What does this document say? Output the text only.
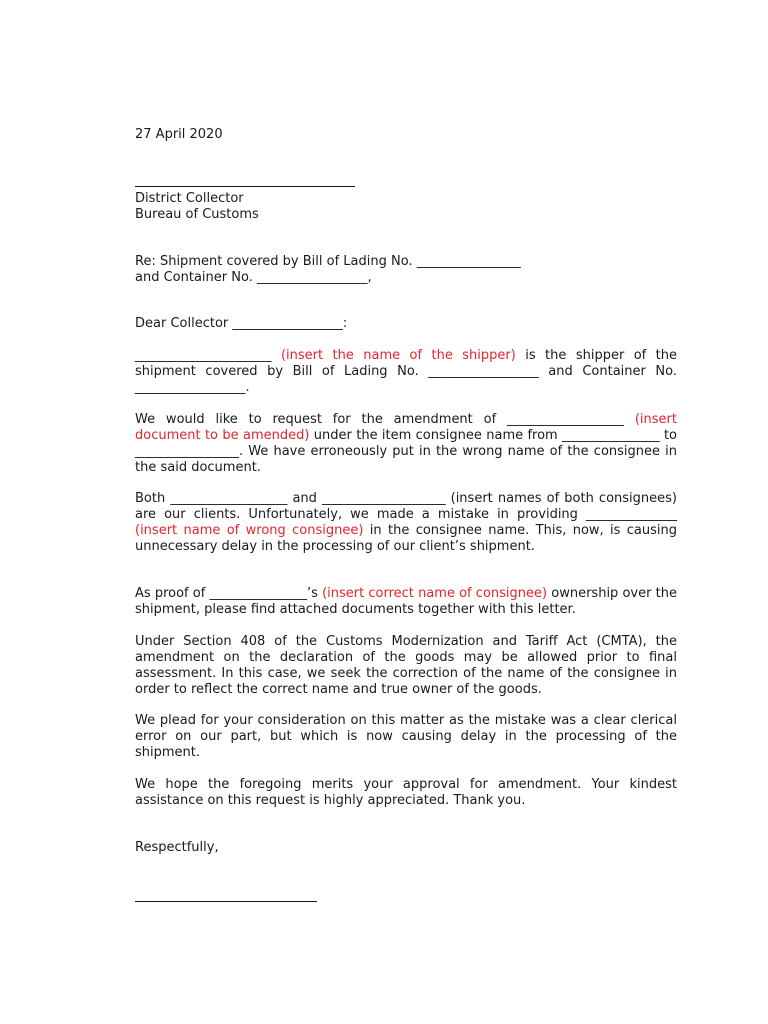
27 April 2020
District Collector
Bureau of Customs
Re: Shipment covered by Bill of Lading No. ________________
and Container No. _________________,
Dear Collector _________________:
_____________________ (insert the name of the shipper) is the shipper of the shipment covered by Bill of Lading No. _________________ and Container No. _________________.
We would like to request for the amendment of __________________ (insert document to be amended) under the item consignee name from _______________ to ________________. We have erroneously put in the wrong name of the consignee in the said document.
Both __________________ and ___________________ (insert names of both consignees) are our clients. Unfortunately, we made a mistake in providing ______________ (insert name of wrong consignee) in the consignee name. This, now, is causing unnecessary delay in the processing of our client’s shipment.
As proof of _______________’s (insert correct name of consignee) ownership over the shipment, please find attached documents together with this letter.
Under Section 408 of the Customs Modernization and Tariff Act (CMTA), the amendment on the declaration of the goods may be allowed prior to final assessment. In this case, we seek the correction of the name of the consignee in order to reflect the correct name and true owner of the goods.
We plead for your consideration on this matter as the mistake was a clear clerical error on our part, but which is now causing delay in the processing of the shipment.
We hope the foregoing merits your approval for amendment. Your kindest assistance on this request is highly appreciated. Thank you.
Respectfully,
